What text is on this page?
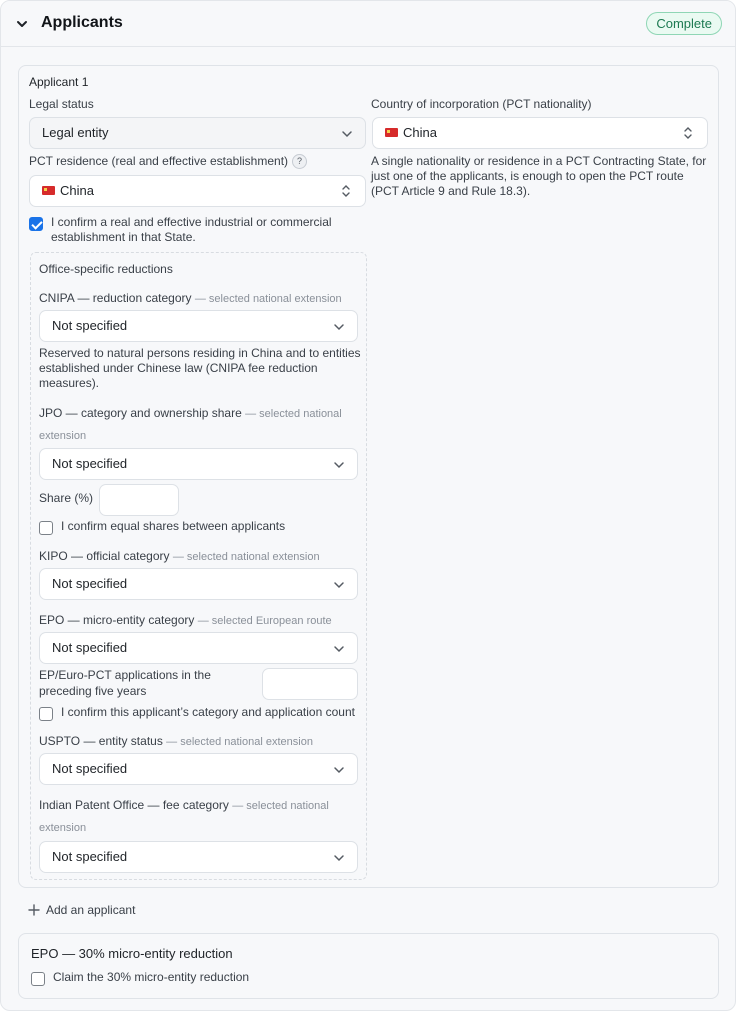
Applicants	Complete
Applicant 1
Legal status
Legal entity
Country of incorporation (PCT nationality)
China
PCT residence (real and effective establishment) ?
China
A single nationality or residence in a PCT Contracting State, for just one of the applicants, is enough to open the PCT route (PCT Article 9 and Rule 18.3).
I confirm a real and effective industrial or commercial
establishment in that State.
Office-specific reductions
CNIPA — reduction category — selected national extension
Not specified
Reserved to natural persons residing in China and to entities
established under Chinese law (CNIPA fee reduction
measures).
JPO — category and ownership share — selected national
extension
Not specified
Share (%)
I confirm equal shares between applicants
KIPO — official category — selected national extension
Not specified
EPO — micro-entity category — selected European route
Not specified
EP/Euro-PCT applications in the
preceding five years
I confirm this applicant’s category and application count
USPTO — entity status — selected national extension
Not specified
Indian Patent Office — fee category — selected national
extension
Not specified
Add an applicant
EPO — 30% micro-entity reduction
Claim the 30% micro-entity reduction
